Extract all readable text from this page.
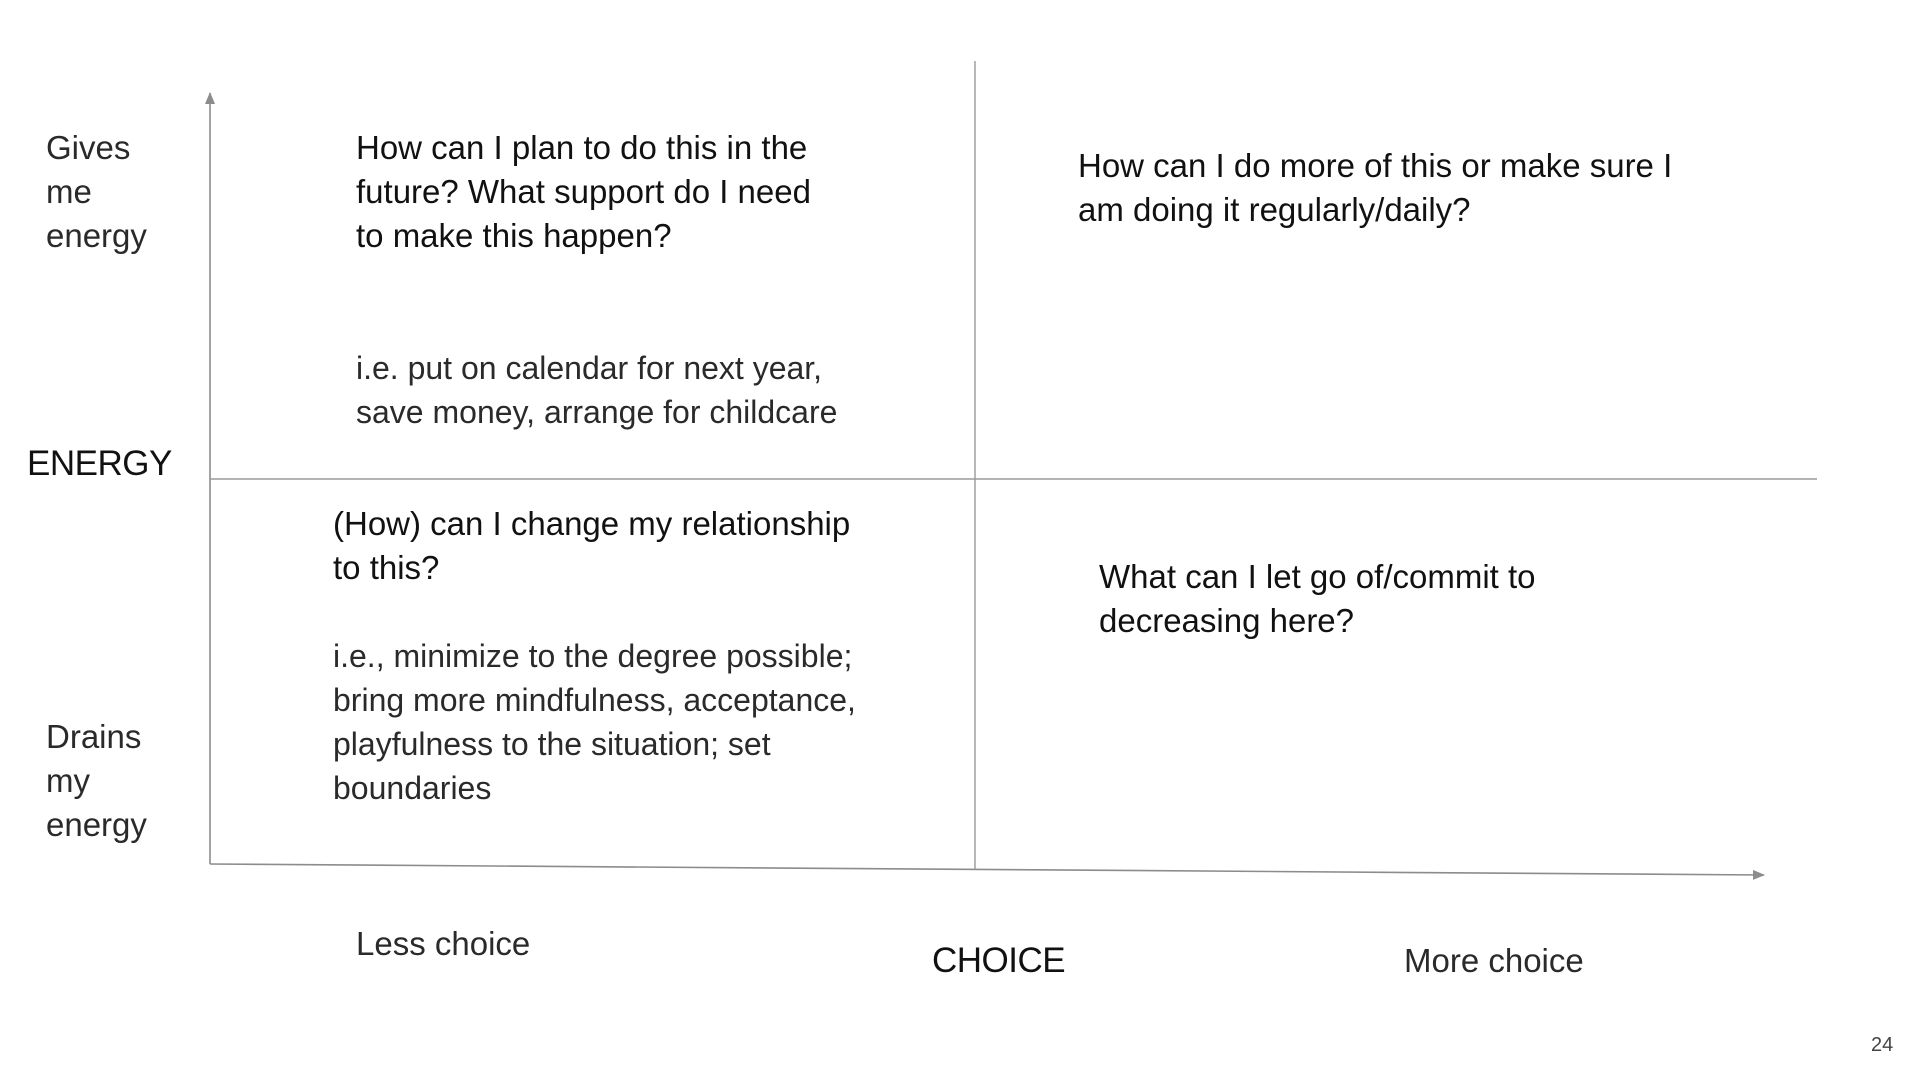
Gives
me
energy

ENERGY

Drains
my
energy

How can I plan to do this in the
future? What support do I need
to make this happen?

i.e. put on calendar for next year,
save money, arrange for childcare

How can I do more of this or make sure I
am doing it regularly/daily?

(How) can I change my relationship
to this?

i.e., minimize to the degree possible;
bring more mindfulness, acceptance,
playfulness to the situation; set
boundaries

What can I let go of/commit to
decreasing here?

Less choice	CHOICE	More choice

24
